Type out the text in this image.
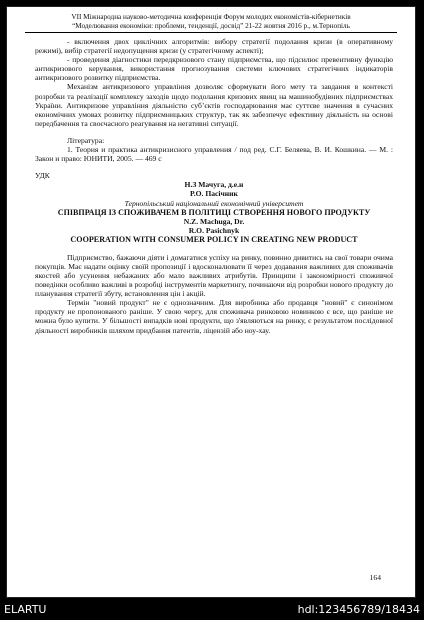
VII Міжнародна науково-методична конференція Форум молодих економістів-кібернетиків
“Моделювання економіки: проблеми, тенденції, досвід” 21-22 жовтня 2016 р., м.Тернопіль

- включення двох циклічних алгоритмів: вибору стратегії подолання кризи (в оперативному режимі), вибір стратегії недопущення кризи (у стратегічному аспекті);

- проведення діагностики передкризового стану підприємства, що підсилює превентивну функцію антикризового керування, використання прогнозування системи ключових стратегічних індикаторів антикризового розвитку підприємства.

Механізм антикризового управління дозволяє сформувати його мету та завдання в контексті розробки та реалізації комплексу заходів щодо подолання кризових явищ на машинобудівних підприємствах України. Антикризове управління діяльністю суб’єктів господарювання має суттєве значення в сучасних економічних умовах розвитку підприємницьких структур, так як забезпечує ефективну діяльність на основі передбачення та своєчасного реагування на негативні ситуації.

Література:

1. Теория и практика антикризисного управления / под ред. С.Г. Беляева, В. И. Кошкина. — М. : Закон и право: ЮНИТИ, 2005. — 469 с

УДК

Н.З Мачуга, д.е.н

Р.О. Пасічник

Тернопільський національний економічний університет

СПІВПРАЦЯ ІЗ СПОЖИВАЧЕМ В ПОЛІТИЦІ СТВОРЕННЯ НОВОГО ПРОДУКТУ

N.Z. Machuga, Dr.

R.O. Pasichnyk

COOPERATION WITH CONSUMER POLICY IN CREATING NEW PRODUCT

Підприємство, бажаючи діяти і домагатися успіху на ринку, повинно дивитись на свої товари очима покупців. Має надати оцінку своїй пропозиції і вдосконалювати її через додавання важливих для споживачів якостей або усунення небажаних або мало важливих атрибутів. Принципи і закономірності споживчої поведінки особливо важливі в розробці інструментів маркетингу, починаючи від розробки нового продукту до планування стратегії збуту, встановлення цін і акцій.

Термін "новий продукт" не є однозначним. Для виробника або продавця "новий" є синонімом продукту не пропонованого раніше. У свою чергу, для споживача ринковою новинкою є все, що раніше не можна було купити. У більшості випадків нові продукти, що з'являються на ринку, є результатом послідовної діяльності виробників шляхом придбання патентів, ліцензій або ноу-хау.

164
ELARTU	hdl:123456789/18434
